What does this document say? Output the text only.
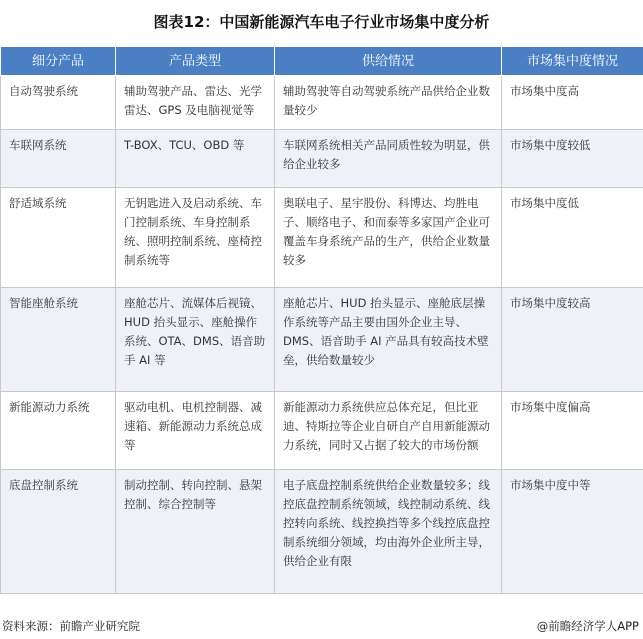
图表12：中国新能源汽车电子行业市场集中度分析
细分产品	产品类型	供给情况	市场集中度情况
自动驾驶系统	辅助驾驶产品、雷达、光学雷达、GPS 及电脑视觉等	辅助驾驶等自动驾驶系统产品供给企业数量较少	市场集中度高
车联网系统	T-BOX、TCU、OBD 等	车联网系统相关产品同质性较为明显，供给企业较多	市场集中度较低
舒适域系统	无钥匙进入及启动系统、车门控制系统、车身控制系统、照明控制系统、座椅控制系统等	奥联电子、星宇股份、科博达、均胜电子、顺络电子、和而泰等多家国产企业可覆盖车身系统产品的生产，供给企业数量较多	市场集中度低
智能座舱系统	座舱芯片、流媒体后视镜、HUD 抬头显示、座舱操作系统、OTA、DMS、语音助手 AI 等	座舱芯片、HUD 抬头显示、座舱底层操作系统等产品主要由国外企业主导、DMS、语音助手 AI 产品具有较高技术壁垒，供给数量较少	市场集中度较高
新能源动力系统	驱动电机、电机控制器、减速箱、新能源动力系统总成等	新能源动力系统供应总体充足，但比亚迪、特斯拉等企业自研自产自用新能源动力系统，同时又占据了较大的市场份额	市场集中度偏高
底盘控制系统	制动控制、转向控制、悬架控制、综合控制等	电子底盘控制系统供给企业数量较多；线控底盘控制系统领域，线控制动系统、线控转向系统、线控换挡等多个线控底盘控制系统细分领域，均由海外企业所主导，供给企业有限	市场集中度中等
资料来源：前瞻产业研究院	@前瞻经济学人APP
